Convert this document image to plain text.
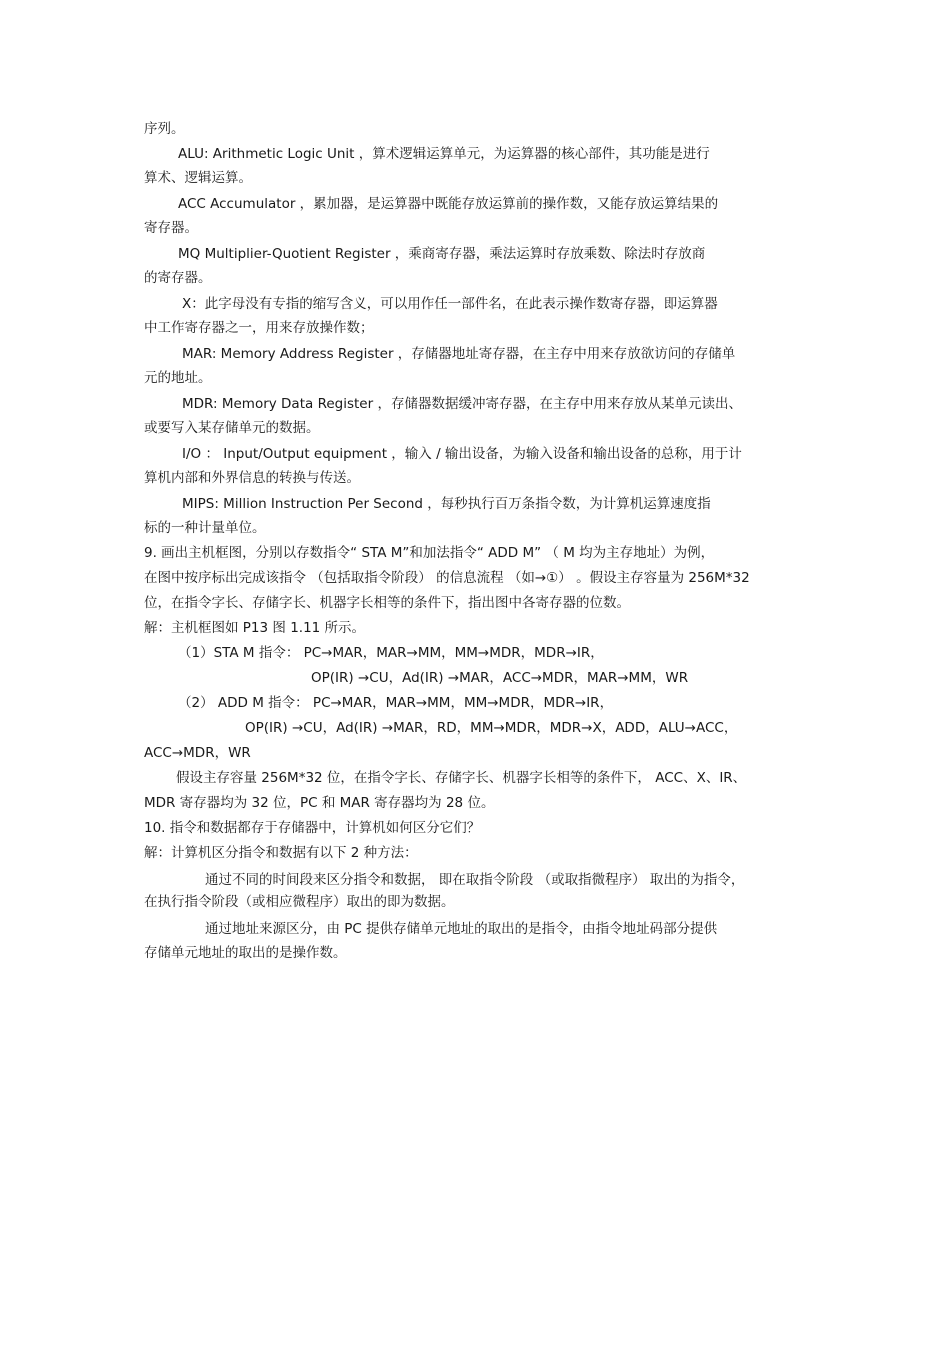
序列。
ALU: Arithmetic Logic Unit ，算术逻辑运算单元，为运算器的核心部件，其功能是进行
算术、逻辑运算。
ACC Accumulator ，累加器，是运算器中既能存放运算前的操作数，又能存放运算结果的
寄存器。
MQ Multiplier-Quotient Register ，乘商寄存器，乘法运算时存放乘数、除法时存放商
的寄存器。
X：此字母没有专指的缩写含义，可以用作任一部件名，在此表示操作数寄存器，即运算器
中工作寄存器之一，用来存放操作数；
MAR: Memory Address Register ，存储器地址寄存器，在主存中用来存放欲访问的存储单
元的地址。
MDR: Memory Data Register ，存储器数据缓冲寄存器，在主存中用来存放从某单元读出、
或要写入某存储单元的数据。
I/O ： Input/Output equipment ，输入 / 输出设备，为输入设备和输出设备的总称，用于计
算机内部和外界信息的转换与传送。
MIPS: Million Instruction Per Second ，每秒执行百万条指令数，为计算机运算速度指
标的一种计量单位。
9. 画出主机框图，分别以存数指令“ STA M”和加法指令“ ADD M” （ M 均为主存地址）为例，
在图中按序标出完成该指令 （包括取指令阶段） 的信息流程 （如→①） 。假设主存容量为 256M*32
位，在指令字长、存储字长、机器字长相等的条件下，指出图中各寄存器的位数。
解：主机框图如 P13 图 1.11 所示。
（1）STA M 指令： PC→MAR，MAR→MM，MM→MDR，MDR→IR，
OP(IR) →CU，Ad(IR) →MAR，ACC→MDR，MAR→MM，WR
（2） ADD M 指令： PC→MAR，MAR→MM，MM→MDR，MDR→IR，
OP(IR) →CU，Ad(IR) →MAR，RD，MM→MDR，MDR→X，ADD，ALU→ACC，
ACC→MDR，WR
假设主存容量 256M*32 位，在指令字长、存储字长、机器字长相等的条件下， ACC、X、IR、
MDR 寄存器均为 32 位，PC 和 MAR 寄存器均为 28 位。
10. 指令和数据都存于存储器中，计算机如何区分它们？
解：计算机区分指令和数据有以下 2 种方法：
通过不同的时间段来区分指令和数据， 即在取指令阶段 （或取指微程序） 取出的为指令，
在执行指令阶段（或相应微程序）取出的即为数据。
通过地址来源区分，由 PC 提供存储单元地址的取出的是指令，由指令地址码部分提供
存储单元地址的取出的是操作数。
